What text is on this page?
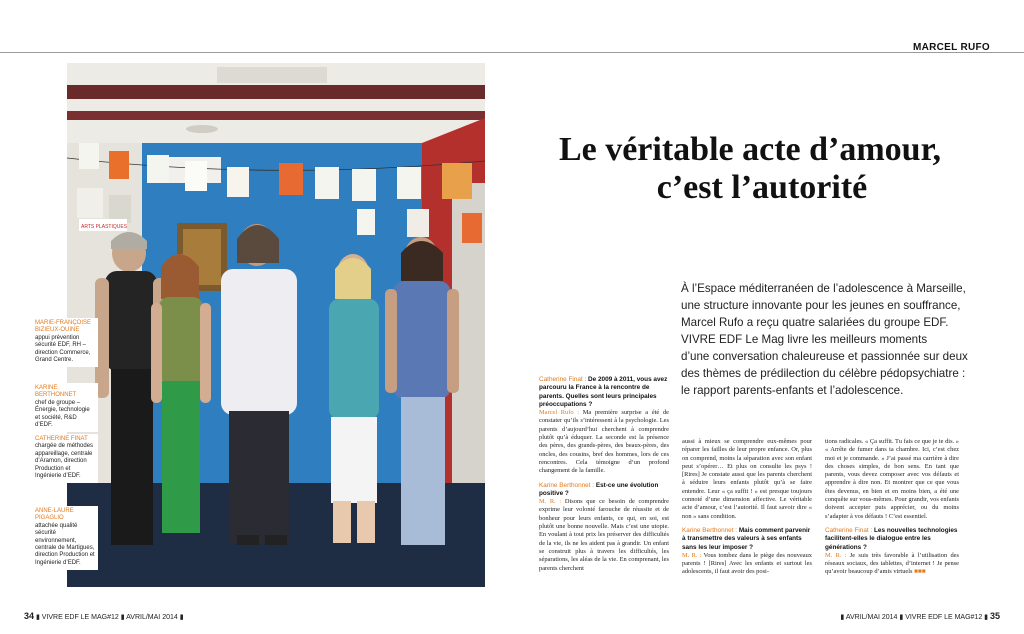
MARCEL RUFO
ARTS PLASTIQUES
MARIE-FRANÇOISE BIZIEUX-OUINE
appui prévention sécurité EDF, RH – direction Commerce, Grand Centre.
KARINE BERTHONNET
chef de groupe – Énergie, technologie et société, R&D d’EDF.
CATHERINE FINAT
chargée de méthodes appareillage, centrale d’Aramon, direction Production et Ingénierie d’EDF.
ANNE-LAURE PIGAGLIO
attachée qualité sécurité environnement, centrale de Martigues, direction Production et Ingénierie d’EDF.
Le véritable acte d’amour,
c’est l’autorité

À l’Espace méditerranéen de l’adolescence à Marseille,

une structure innovante pour les jeunes en souffrance,

Marcel Rufo a reçu quatre salariées du groupe EDF.

VIVRE EDF Le Mag livre les meilleurs moments

d’une conversation chaleureuse et passionnée sur deux

des thèmes de prédilection du célèbre pédopsychiatre :

le rapport parents-enfants et l’adolescence.

Catherine Finat : De 2009 à 2011, vous avez parcouru la France à la rencontre de parents. Quelles sont leurs principales préoccupations ?

Marcel Rufo : Ma première surprise a été de constater qu’ils s’intéressent à la psychologie. Les parents d’aujourd’hui cherchent à comprendre plutôt qu’à éduquer. La seconde est la présence des pères, des grands-pères, des beaux-pères, des oncles, des cousins, bref des hommes, lors de ces rencontres. Cela témoigne d’un profond changement de la famille.

Karine Berthonnet : Est-ce une évolution positive ?

M. R. : Disons que ce besoin de comprendre exprime leur volonté farouche de réussite et de bonheur pour leurs enfants, ce qui, en soi, est plutôt une bonne nouvelle. Mais c’est une utopie. En voulant à tout prix les préserver des difficultés de la vie, ils ne les aident pas à grandir. Un enfant se construit plus à travers les difficultés, les séparations, les aléas de la vie. En comprenant, les parents cherchent

aussi à mieux se comprendre eux-mêmes pour réparer les failles de leur propre enfance. Or, plus on comprend, moins la séparation avec son enfant peut s’opérer… Et plus on consulte les psys ! [Rires] Je constate aussi que les parents cherchent à séduire leurs enfants plutôt qu’à se faire entendre. Leur « ça suffit ! » est presque toujours connoté d’une dimension affective. Le véritable acte d’amour, c’est l’autorité. Il faut savoir dire « non » sans condition.

Karine Berthonnet : Mais comment parvenir à transmettre des valeurs à ses enfants sans les leur imposer ?

M. R. : Vous tombez dans le piège des nouveaux parents ! [Rires] Avec les enfants et surtout les adolescents, il faut avoir des posi-

tions radicales. « Ça suffit. Tu fais ce que je te dis. » « Arrête de fumer dans ta chambre. Ici, c’est chez moi et je commande. » J’ai passé ma carrière à dire des choses simples, de bon sens. En tant que parents, vous devez composer avec vos défauts et apprendre à dire non. Et montrer que ce que vous êtes devenus, en bien et en moins bien, a été une conquête sur vous-mêmes. Pour grandir, vos enfants doivent accepter puis apprécier, ou du moins s’adapter à vos défauts ! C’est essentiel.

Catherine Finat : Les nouvelles technologies facilitent-elles le dialogue entre les générations ?

M. R. : Je suis très favorable à l’utilisation des réseaux sociaux, des tablettes, d’internet ! Je pense qu’avoir beaucoup d’amis virtuels ■■■

34 ▮ VIVRE EDF LE MAG#12 ▮ AVRIL/MAI 2014 ▮	▮ AVRIL/MAI 2014 ▮ VIVRE EDF LE MAG#12 ▮ 35
